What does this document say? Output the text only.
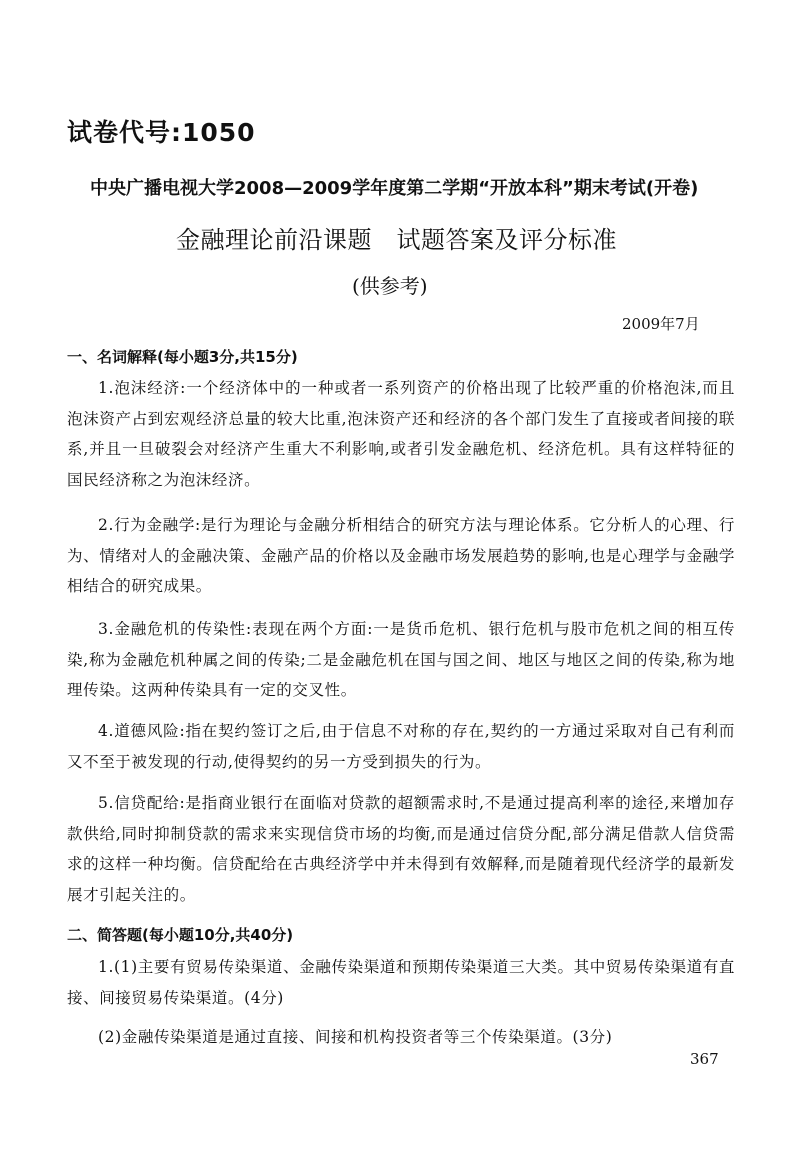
试卷代号:1050
中央广播电视大学2008—2009学年度第二学期“开放本科”期末考试(开卷)
金融理论前沿课题　试题答案及评分标准
(供参考)
2009年7月
一、名词解释(每小题3分,共15分)
1.泡沫经济:一个经济体中的一种或者一系列资产的价格出现了比较严重的价格泡沫,而且泡沫资产占到宏观经济总量的较大比重,泡沫资产还和经济的各个部门发生了直接或者间接的联系,并且一旦破裂会对经济产生重大不利影响,或者引发金融危机、经济危机。具有这样特征的国民经济称之为泡沫经济。
2.行为金融学:是行为理论与金融分析相结合的研究方法与理论体系。它分析人的心理、行为、情绪对人的金融决策、金融产品的价格以及金融市场发展趋势的影响,也是心理学与金融学相结合的研究成果。
3.金融危机的传染性:表现在两个方面:一是货币危机、银行危机与股市危机之间的相互传染,称为金融危机种属之间的传染;二是金融危机在国与国之间、地区与地区之间的传染,称为地理传染。这两种传染具有一定的交叉性。
4.道德风险:指在契约签订之后,由于信息不对称的存在,契约的一方通过采取对自己有利而又不至于被发现的行动,使得契约的另一方受到损失的行为。
5.信贷配给:是指商业银行在面临对贷款的超额需求时,不是通过提高利率的途径,来增加存款供给,同时抑制贷款的需求来实现信贷市场的均衡,而是通过信贷分配,部分满足借款人信贷需求的这样一种均衡。信贷配给在古典经济学中并未得到有效解释,而是随着现代经济学的最新发展才引起关注的。
二、简答题(每小题10分,共40分)
1.(1)主要有贸易传染渠道、金融传染渠道和预期传染渠道三大类。其中贸易传染渠道有直接、间接贸易传染渠道。(4分)
(2)金融传染渠道是通过直接、间接和机构投资者等三个传染渠道。(3分)
367
